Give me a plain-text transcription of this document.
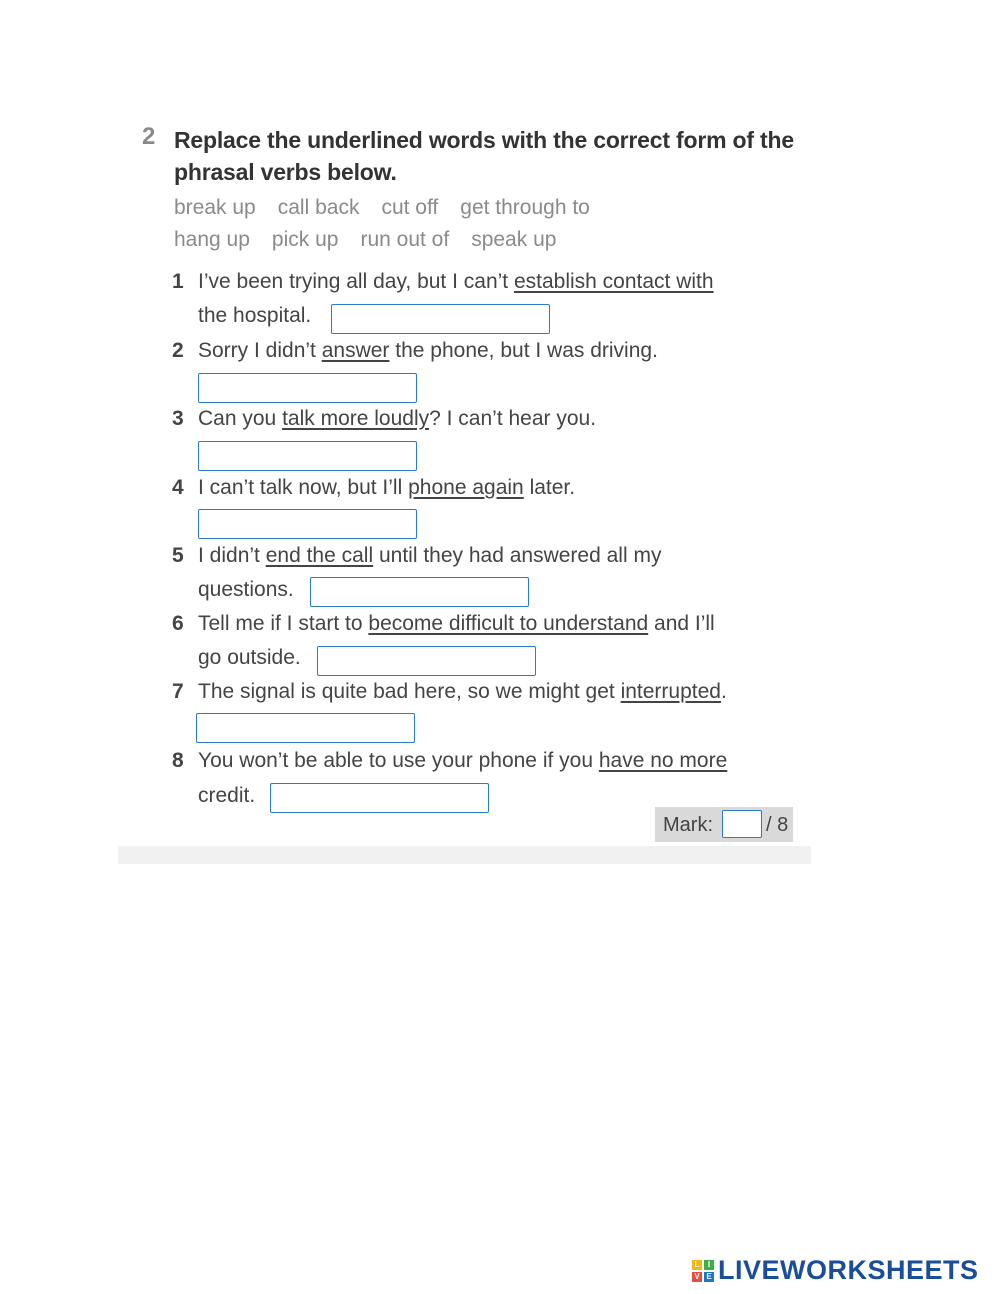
2 Replace the underlined words with the correct form of the
phrasal verbs below.
break up call back cut off get through to
hang up pick up run out of speak up
1 I’ve been trying all day, but I can’t establish contact with
the hospital.
2 Sorry I didn’t answer the phone, but I was driving.
3 Can you talk more loudly? I can’t hear you.
4 I can’t talk now, but I’ll phone again later.
5 I didn’t end the call until they had answered all my
questions.
6 Tell me if I start to become difficult to understand and I’ll
go outside.
7 The signal is quite bad here, so we might get interrupted.
8 You won’t be able to use your phone if you have no more
credit.
Mark:	/ 8
L	I
V E LIVEWORKSHEETS
